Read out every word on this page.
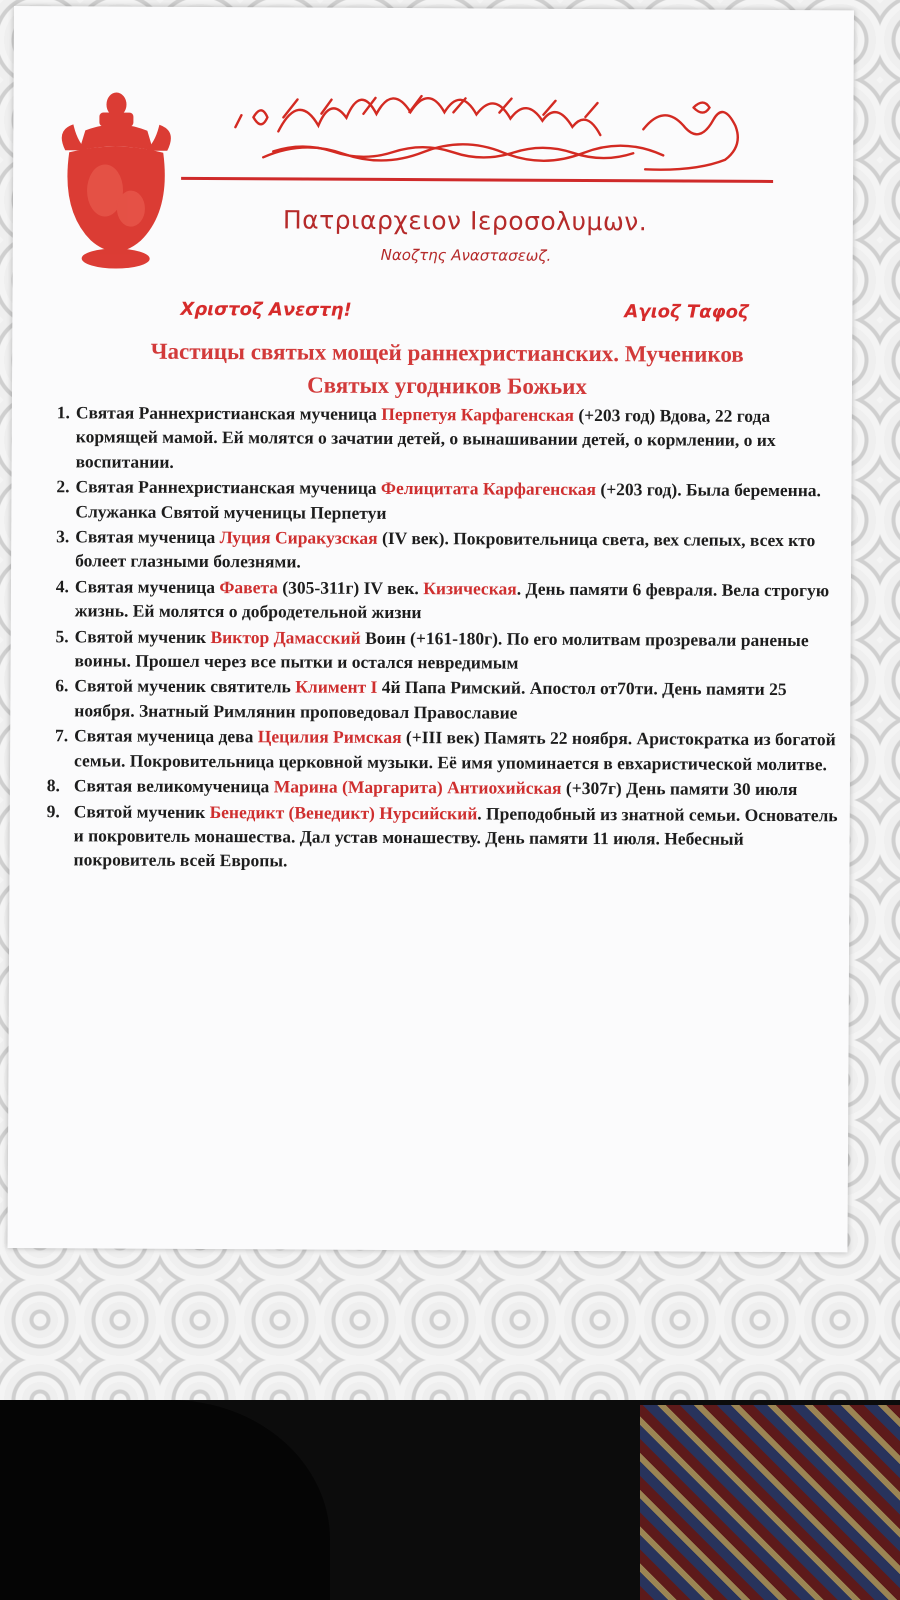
Πατριαρχειον Ιεροσολυμων.
Ναοζτης Αναστασεωζ.
Χριστοζ Ανεστη!	Αγιοζ Ταφοζ
Частицы святых мощей раннехристианских. Мучеников
Святых угодников Божьих
1. Святая Раннехристианская мученица Перпетуя Карфагенская (+203 год) Вдова, 22 года кормящей мамой. Ей молятся о зачатии детей, о вынашивании детей, о кормлении, о их воспитании.
2. Святая Раннехристианская мученица Фелицитата Карфагенская (+203 год). Была беременна. Служанка Святой мученицы Перпетуи
3. Святая мученица Луция Сиракузская (IV век). Покровительница света, вех слепых, всех кто болеет глазными болезнями.
4. Святая мученица Фавета (305-311г) IV век. Кизическая. День памяти 6 февраля. Вела строгую жизнь. Ей молятся о добродетельной жизни
5. Святой мученик Виктор Дамасский Воин (+161-180г). По его молитвам прозревали раненые воины. Прошел через все пытки и остался невредимым
6. Святой мученик святитель Климент I 4й Папа Римский. Апостол от70ти. День памяти 25 ноября. Знатный Римлянин проповедовал Православие
7. Святая мученица дева Цецилия Римская (+III век) Память 22 ноября. Аристократка из богатой семьи. Покровительница церковной музыки. Её имя упоминается в евхаристической молитве.
8. Святая великомученица Марина (Маргарита) Антиохийская (+307г) День памяти 30 июля
9. Святой мученик Бенедикт (Венедикт) Нурсийский. Преподобный из знатной семьи. Основатель и покровитель монашества. Дал устав монашеству. День памяти 11 июля. Небесный покровитель всей Европы.
